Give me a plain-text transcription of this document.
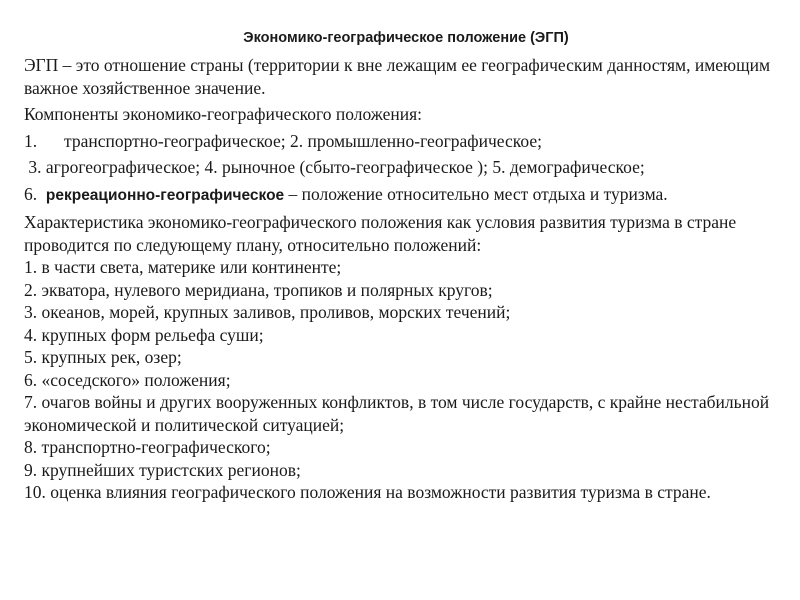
Экономико-географическое положение (ЭГП)

ЭГП – это отношение страны (территории к вне лежащим ее географическим данностям, имеющим важное хозяйственное значение.

Компоненты экономико-географического положения:

1. транспортно-географическое; 2. промышленно-географическое;

3. агрогеографическое; 4. рыночное (сбыто-географическое ); 5. демографическое;

6. рекреационно-географическое – положение относительно мест отдыха и туризма.

Характеристика экономико-географического положения как условия развития туризма в стране проводится по следующему плану, относительно положений:

1. в части света, материке или континенте;
2. экватора, нулевого меридиана, тропиков и полярных кругов;
3. океанов, морей, крупных заливов, проливов, морских течений;
4. крупных форм рельефа суши;
5. крупных рек, озер;
6. «соседского» положения;
7. очагов войны и других вооруженных конфликтов, в том числе государств, с крайне нестабильной экономической и политической ситуацией;
8. транспортно-географического;
9. крупнейших туристских регионов;
10. оценка влияния географического положения на возможности развития туризма в стране.
